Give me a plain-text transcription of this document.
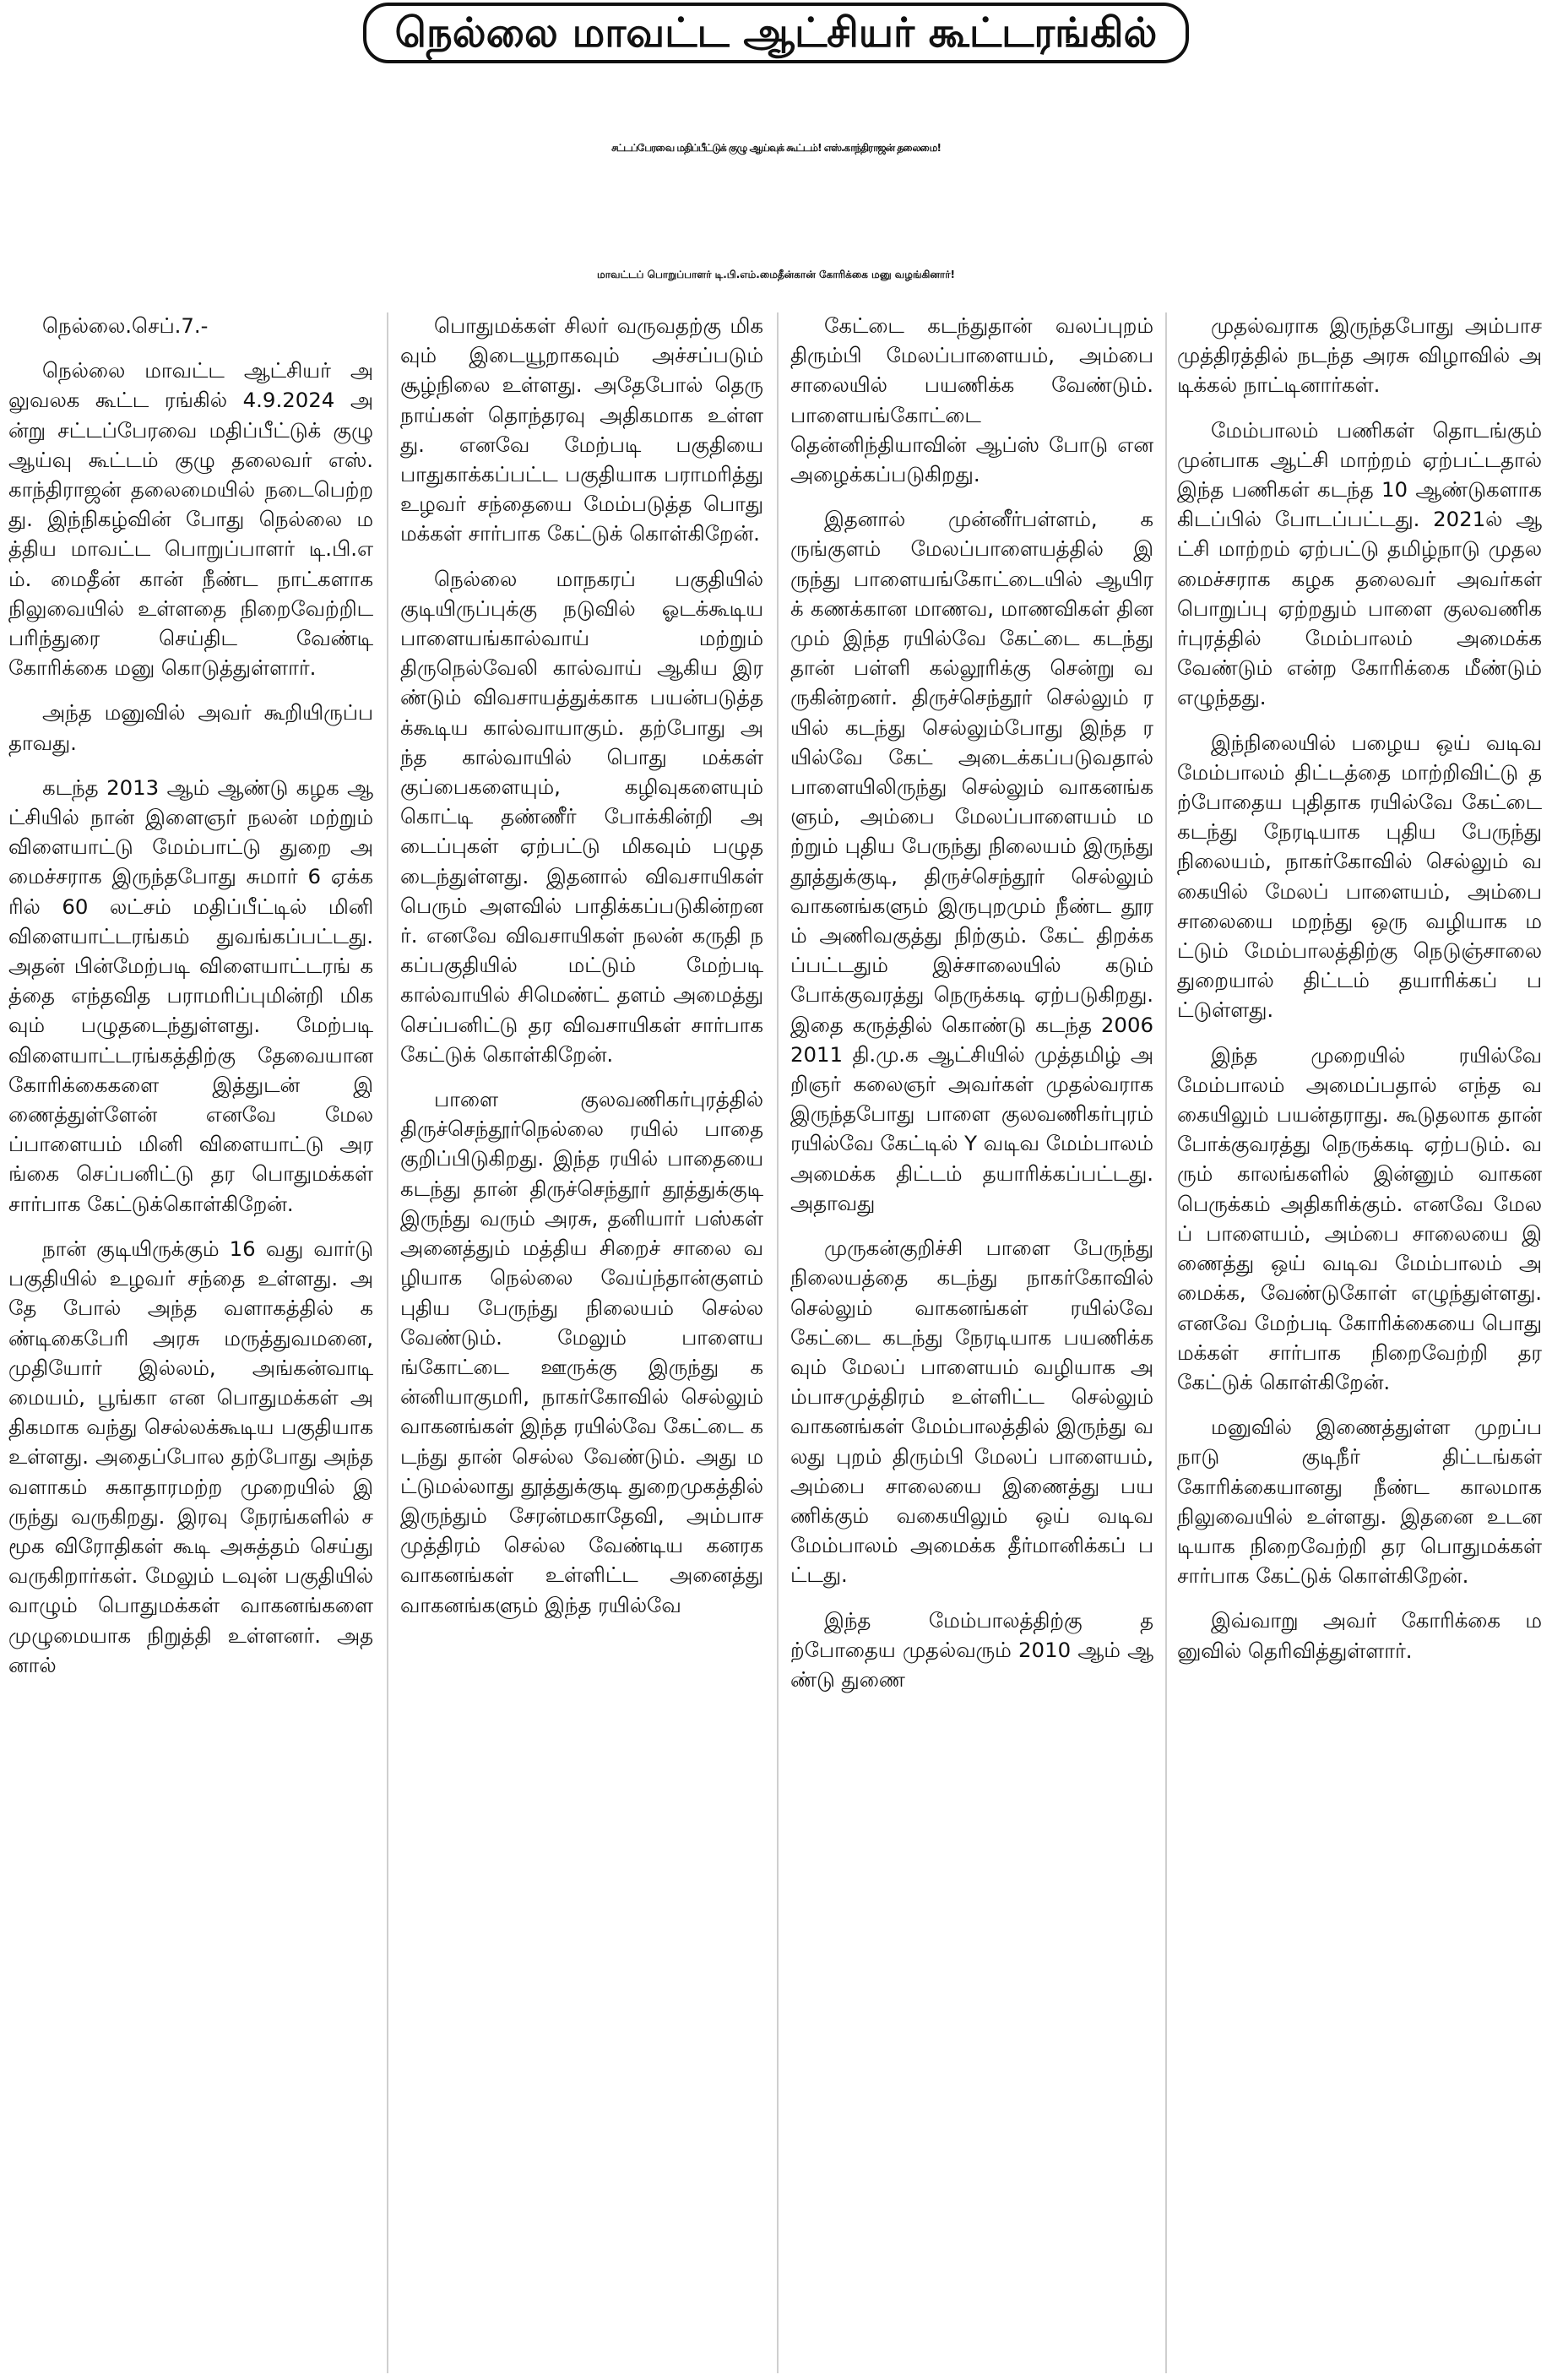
நெல்லை மாவட்ட ஆட்சியர் கூட்டரங்கில்
சட்டப்பேரவை மதிப்பீட்டுக் குழு ஆய்வுக் கூட்டம்! எஸ்.காந்திராஜன் தலைமை!
மாவட்டப் பொறுப்பாளர் டி.பி.எம்.மைதீன்கான் கோரிக்கை மனு வழங்கினார்!

நெல்லை.செப்.7.-

நெல்லை மாவட்ட ஆட்சியர் அலுவலக கூட்ட ரங்கில் 4.9.2024 அன்று சட்டப்பேரவை மதிப்பீட்டுக் குழு ஆய்வு கூட்டம் குழு தலைவர் எஸ்.காந்திராஜன் தலைமையில் நடைபெற்றது. இந்நிகழ்வின் போது நெல்லை மத்திய மாவட்ட பொறுப்பாளர் டி.பி.எம். மைதீன் கான் நீண்ட நாட்களாக நிலுவையில் உள்ளதை நிறைவேற்றிட பரிந்துரை செய்திட வேண்டி கோரிக்கை மனு கொடுத்துள்ளார்.

அந்த மனுவில் அவர் கூறியிருப்பதாவது.

கடந்த 2013 ஆம் ஆண்டு கழக ஆட்சியில் நான் இளைஞர் நலன் மற்றும் விளையாட்டு மேம்பாட்டு துறை அமைச்சராக இருந்தபோது சுமார் 6 ஏக்கரில் 60 லட்சம் மதிப்பீட்டில் மினி விளையாட்டரங்கம் துவங்கப்பட்டது. அதன் பின்மேற்படி விளையாட்டரங் கத்தை எந்தவித பராமரிப்புமின்றி மிகவும் பழுதடைந்துள்ளது. மேற்படி விளையாட்டரங்கத்திற்கு தேவையான கோரிக்கைகளை இத்துடன் இணைத்துள்ளேன் எனவே மேலப்பாளையம் மினி விளையாட்டு அரங்கை செப்பனிட்டு தர பொதுமக்கள் சார்பாக கேட்டுக்கொள்கிறேன்.

நான் குடியிருக்கும் 16 வது வார்டு பகுதியில் உழவர் சந்தை உள்ளது. அதே போல் அந்த வளாகத்தில் கண்டிகைபேரி அரசு மருத்துவமனை, முதியோர் இல்லம், அங்கன்வாடி மையம், பூங்கா என பொதுமக்கள் அதிகமாக வந்து செல்லக்கூடிய பகுதியாக உள்ளது. அதைப்போல தற்போது அந்த வளாகம் சுகாதாரமற்ற முறையில் இருந்து வருகிறது. இரவு நேரங்களில் சமூக விரோதிகள் கூடி அசுத்தம் செய்து வருகிறார்கள். மேலும் டவுன் பகுதியில் வாழும் பொதுமக்கள் வாகனங்களை முழுமையாக நிறுத்தி உள்ளனர். அதனால்

பொதுமக்கள் சிலர் வருவதற்கு மிகவும் இடையூறாகவும் அச்சப்படும் சூழ்நிலை உள்ளது. அதேபோல் தெரு நாய்கள் தொந்தரவு அதிகமாக உள்ளது. எனவே மேற்படி பகுதியை பாதுகாக்கப்பட்ட பகுதியாக பராமரித்து உழவர் சந்தையை மேம்படுத்த பொது மக்கள் சார்பாக கேட்டுக் கொள்கிறேன்.

நெல்லை மாநகரப் பகுதியில் குடியிருப்புக்கு நடுவில் ஓடக்கூடிய பாளையங்கால்வாய் மற்றும் திருநெல்வேலி கால்வாய் ஆகிய இரண்டும் விவசாயத்துக்காக பயன்படுத்தக்கூடிய கால்வாயாகும். தற்போது அந்த கால்வாயில் பொது மக்கள் குப்பைகளையும், கழிவுகளையும் கொட்டி தண்ணீர் போக்கின்றி அடைப்புகள் ஏற்பட்டு மிகவும் பழுதடைந்துள்ளது. இதனால் விவசாயிகள் பெரும் அளவில் பாதிக்கப்படுகின்றனர். எனவே விவசாயிகள் நலன் கருதி நகப்பகுதியில் மட்டும் மேற்படி கால்வாயில் சிமெண்ட் தளம் அமைத்து செப்பனிட்டு தர விவசாயிகள் சார்பாக கேட்டுக் கொள்கிறேன்.

பாளை குலவணிகர்புரத்தில் திருச்செந்தூர்நெல்லை ரயில் பாதை குறிப்பிடுகிறது. இந்த ரயில் பாதையை கடந்து தான் திருச்செந்தூர் தூத்துக்குடி இருந்து வரும் அரசு, தனியார் பஸ்கள் அனைத்தும் மத்திய சிறைச் சாலை வழியாக நெல்லை வேய்ந்தான்குளம் புதிய பேருந்து நிலையம் செல்ல வேண்டும். மேலும் பாளையங்கோட்டை ஊருக்கு இருந்து கன்னியாகுமரி, நாகர்கோவில் செல்லும் வாகனங்கள் இந்த ரயில்வே கேட்டை கடந்து தான் செல்ல வேண்டும். அது மட்டுமல்லாது தூத்துக்குடி துறைமுகத்தில் இருந்தும் சேரன்மகாதேவி, அம்பாசமுத்திரம் செல்ல வேண்டிய கனரக வாகனங்கள் உள்ளிட்ட அனைத்து வாகனங்களும் இந்த ரயில்வே

கேட்டை கடந்துதான் வலப்புறம் திரும்பி மேலப்பாளையம், அம்பை சாலையில் பயணிக்க வேண்டும். பாளையங்கோட்டை தென்னிந்தியாவின் ஆப்ஸ் போடு என அழைக்கப்படுகிறது.

இதனால் முன்னீர்பள்ளம், கருங்குளம் மேலப்பாளையத்தில் இருந்து பாளையங்கோட்டையில் ஆயிரக் கணக்கான மாணவ, மாணவிகள் தினமும் இந்த ரயில்வே கேட்டை கடந்து தான் பள்ளி கல்லூரிக்கு சென்று வருகின்றனர். திருச்செந்தூர் செல்லும் ரயில் கடந்து செல்லும்போது இந்த ரயில்வே கேட் அடைக்கப்படுவதால் பாளையிலிருந்து செல்லும் வாகனங்களும், அம்பை மேலப்பாளையம் மற்றும் புதிய பேருந்து நிலையம் இருந்து தூத்துக்குடி, திருச்செந்தூர் செல்லும் வாகனங்களும் இருபுறமும் நீண்ட தூரம் அணிவகுத்து நிற்கும். கேட் திறக்கப்பட்டதும் இச்சாலையில் கடும் போக்குவரத்து நெருக்கடி ஏற்படுகிறது. இதை கருத்தில் கொண்டு கடந்த 20062011 தி.மு.க ஆட்சியில் முத்தமிழ் அறிஞர் கலைஞர் அவர்கள் முதல்வராக இருந்தபோது பாளை குலவணிகர்புரம் ரயில்வே கேட்டில் Y வடிவ மேம்பாலம் அமைக்க திட்டம் தயாரிக்கப்பட்டது. அதாவது

முருகன்குறிச்சி பாளை பேருந்து நிலையத்தை கடந்து நாகர்கோவில் செல்லும் வாகனங்கள் ரயில்வே கேட்டை கடந்து நேரடியாக பயணிக்கவும் மேலப் பாளையம் வழியாக அம்பாசமுத்திரம் உள்ளிட்ட செல்லும் வாகனங்கள் மேம்பாலத்தில் இருந்து வலது புறம் திரும்பி மேலப் பாளையம், அம்பை சாலையை இணைத்து பயணிக்கும் வகையிலும் ஒய் வடிவ மேம்பாலம் அமைக்க தீர்மானிக்கப் பட்டது.

இந்த மேம்பாலத்திற்கு தற்போதைய முதல்வரும் 2010 ஆம் ஆண்டு துணை

முதல்வராக இருந்தபோது அம்பாசமுத்திரத்தில் நடந்த அரசு விழாவில் அடிக்கல் நாட்டினார்கள்.

மேம்பாலம் பணிகள் தொடங்கும் முன்பாக ஆட்சி மாற்றம் ஏற்பட்டதால் இந்த பணிகள் கடந்த 10 ஆண்டுகளாக கிடப்பில் போடப்பட்டது. 2021ல் ஆட்சி மாற்றம் ஏற்பட்டு தமிழ்நாடு முதலமைச்சராக கழக தலைவர் அவர்கள் பொறுப்பு ஏற்றதும் பாளை குலவணிகர்புரத்தில் மேம்பாலம் அமைக்க வேண்டும் என்ற கோரிக்கை மீண்டும் எழுந்தது.

இந்நிலையில் பழைய ஒய் வடிவ மேம்பாலம் திட்டத்தை மாற்றிவிட்டு தற்போதைய புதிதாக ரயில்வே கேட்டை கடந்து நேரடியாக புதிய பேருந்து நிலையம், நாகர்கோவில் செல்லும் வகையில் மேலப் பாளையம், அம்பை சாலையை மறந்து ஒரு வழியாக மட்டும் மேம்பாலத்திற்கு நெடுஞ்சாலை துறையால் திட்டம் தயாரிக்கப் பட்டுள்ளது.

இந்த முறையில் ரயில்வே மேம்பாலம் அமைப்பதால் எந்த வகையிலும் பயன்தராது. கூடுதலாக தான் போக்குவரத்து நெருக்கடி ஏற்படும். வரும் காலங்களில் இன்னும் வாகன பெருக்கம் அதிகரிக்கும். எனவே மேலப் பாளையம், அம்பை சாலையை இணைத்து ஒய் வடிவ மேம்பாலம் அமைக்க, வேண்டுகோள் எழுந்துள்ளது. எனவே மேற்படி கோரிக்கையை பொது மக்கள் சார்பாக நிறைவேற்றி தர கேட்டுக் கொள்கிறேன்.

மனுவில் இணைத்துள்ள முறப்பநாடு குடிநீர் திட்டங்கள் கோரிக்கையானது நீண்ட காலமாக நிலுவையில் உள்ளது. இதனை உடனடியாக நிறைவேற்றி தர பொதுமக்கள் சார்பாக கேட்டுக் கொள்கிறேன்.

இவ்வாறு அவர் கோரிக்கை மனுவில் தெரிவித்துள்ளார்.
